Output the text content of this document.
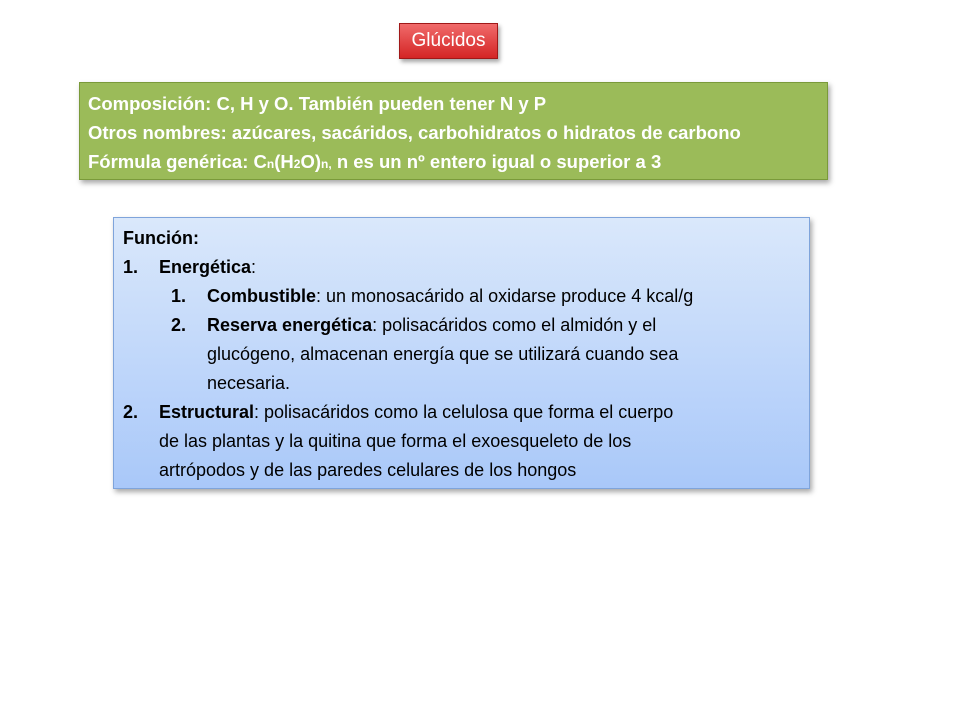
Glúcidos
Composición: C, H y O. También pueden tener N y P
Otros nombres: azúcares, sacáridos, carbohidratos o hidratos de carbono
Fórmula genérica: Cn(H2O)n, n es un nº entero igual o superior a 3
Función:
1. Energética:
1. Combustible: un monosacárido al oxidarse produce 4 kcal/g
2. Reserva energética: polisacáridos como el almidón y el
glucógeno, almacenan energía que se utilizará cuando sea
necesaria.
2. Estructural: polisacáridos como la celulosa que forma el cuerpo
de las plantas y la quitina que forma el exoesqueleto de los
artrópodos y de las paredes celulares de los hongos
